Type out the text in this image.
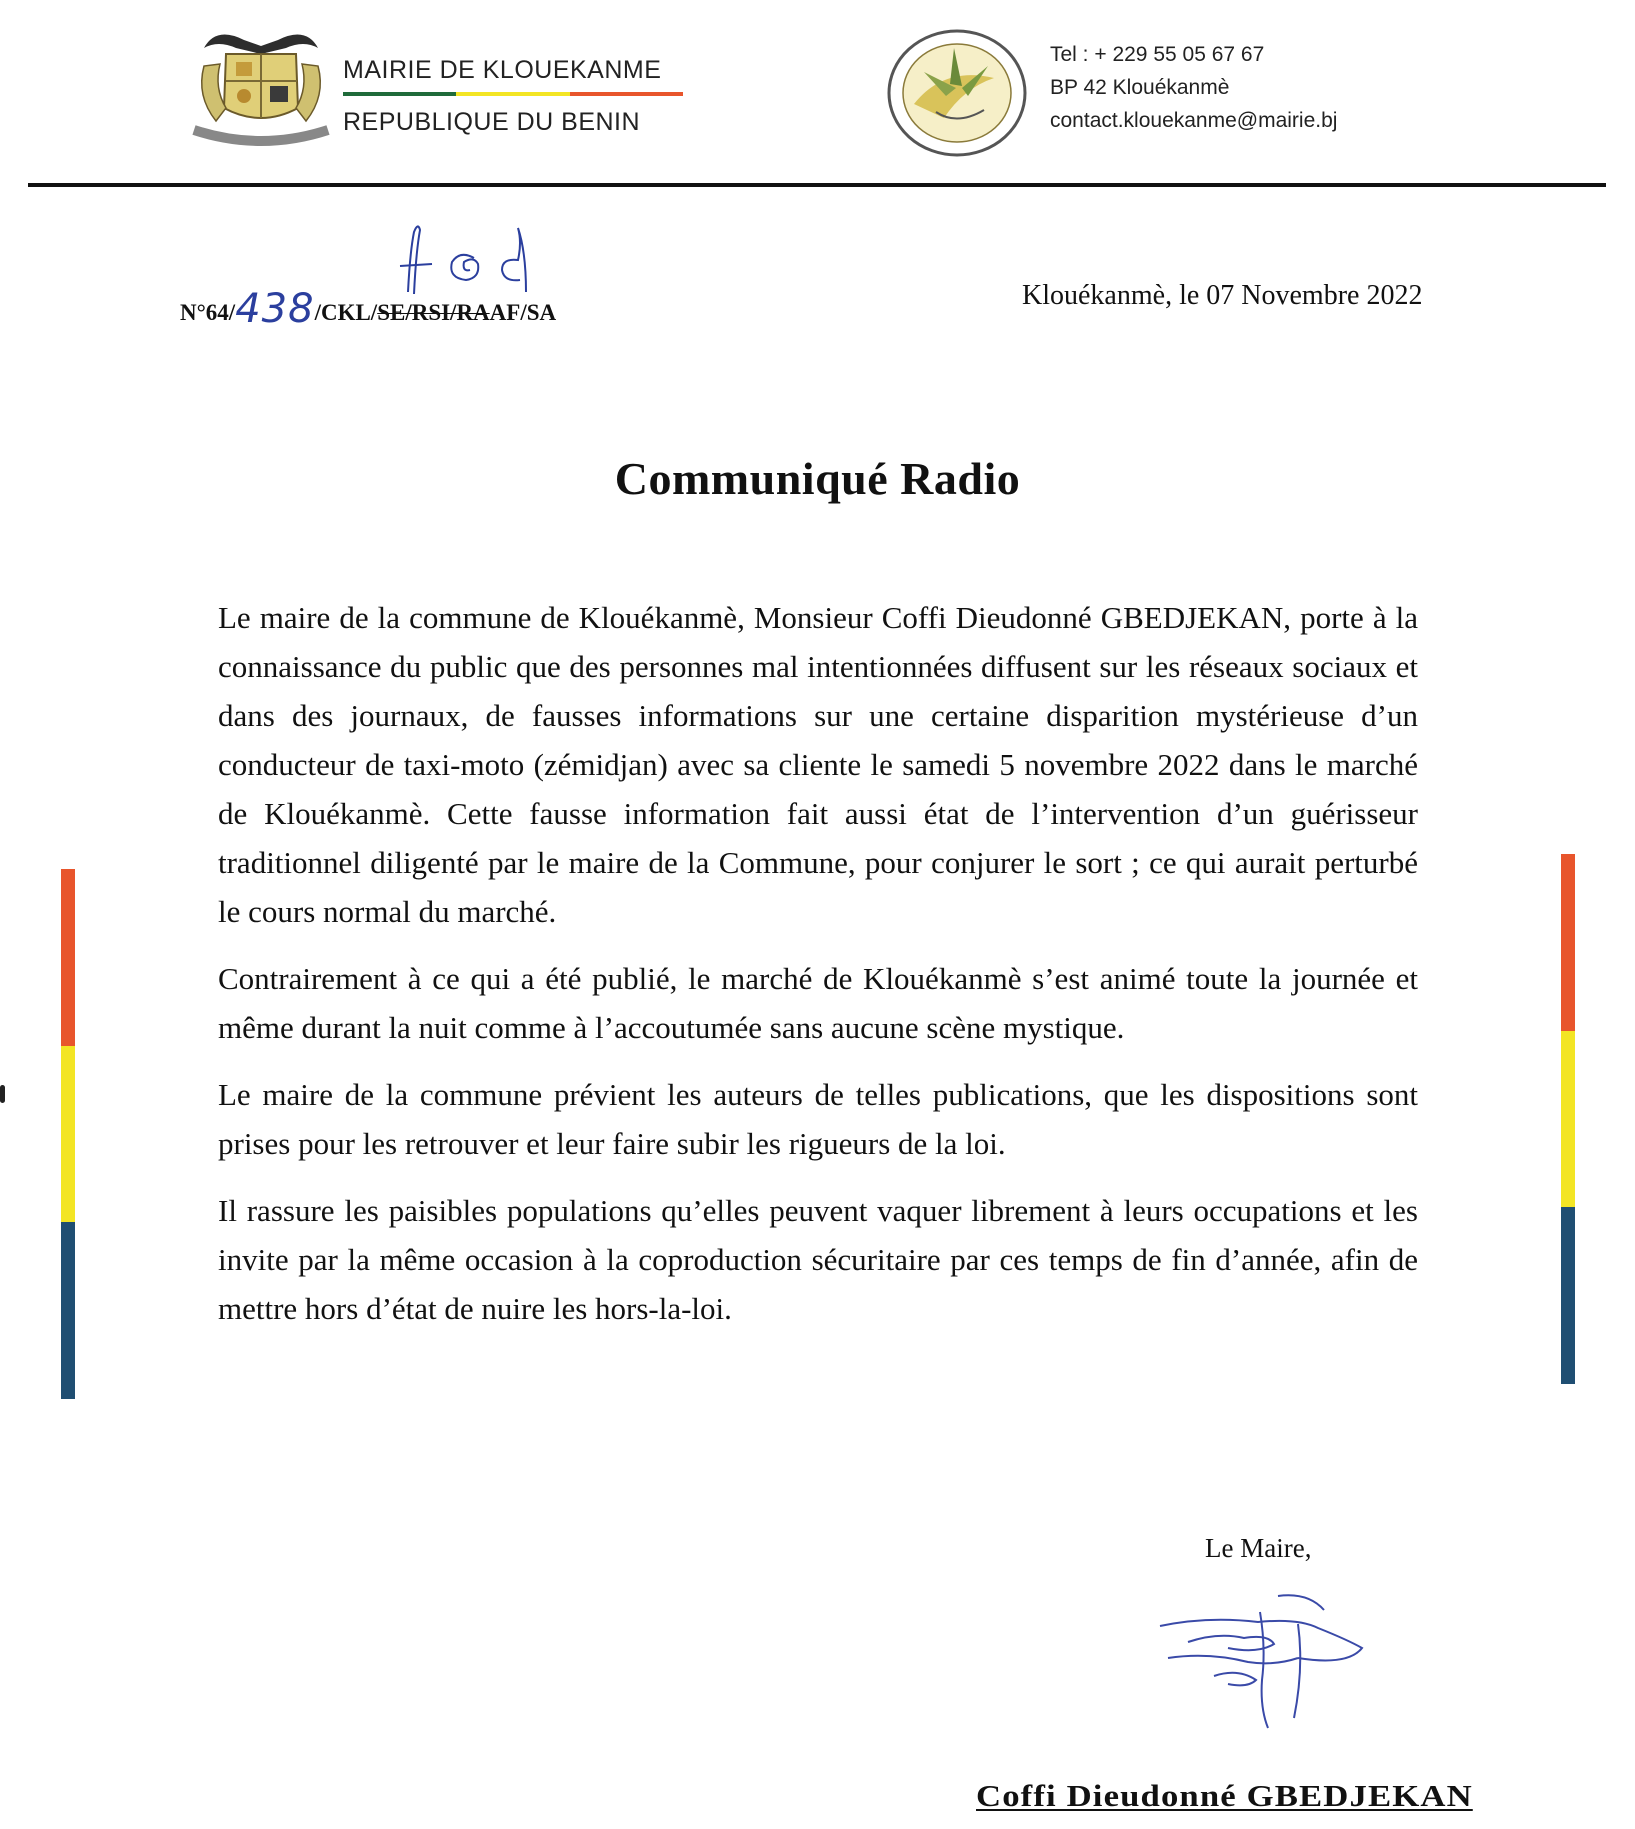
MAIRIE DE KLOUEKANME
REPUBLIQUE DU BENIN
Tel : + 229 55 05 67 67
BP 42 Klouékanmè
contact.klouekanme@mairie.bj
N°64/438/CKL/SE/RSI/RAAF/SA
Klouékanmè, le 07 Novembre 2022
Communiqué Radio

Le maire de la commune de Klouékanmè, Monsieur Coffi Dieudonné GBEDJEKAN, porte à la connaissance du public que des personnes mal intentionnées diffusent sur les réseaux sociaux et dans des journaux, de fausses informations sur une certaine disparition mystérieuse d’un conducteur de taxi-moto (zémidjan) avec sa cliente le samedi 5 novembre 2022 dans le marché de Klouékanmè. Cette fausse information fait aussi état de l’intervention d’un guérisseur traditionnel diligenté par le maire de la Commune, pour conjurer le sort ; ce qui aurait perturbé le cours normal du marché.

Contrairement à ce qui a été publié, le marché de Klouékanmè s’est animé toute la journée et même durant la nuit comme à l’accoutumée sans aucune scène mystique.

Le maire de la commune prévient les auteurs de telles publications, que les dispositions sont prises pour les retrouver et leur faire subir les rigueurs de la loi.

Il rassure les paisibles populations qu’elles peuvent vaquer librement à leurs occupations et les invite par la même occasion à la coproduction sécuritaire par ces temps de fin d’année, afin de mettre hors d’état de nuire les hors-la-loi.

Le Maire,
Coffi Dieudonné GBEDJEKAN
